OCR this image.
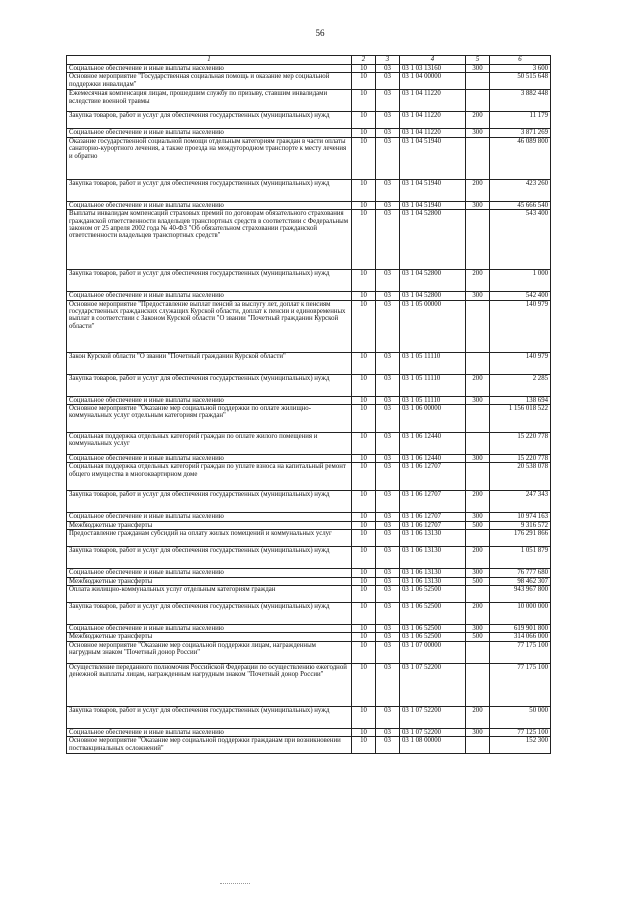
56
1	2	3	4	5	6
Социальное обеспечение и иные выплаты населению	10	03	03 1 03 13160	300	3 600
Основное мероприятие "Государственная социальная помощь и оказание мер социальной поддержки инвалидам"	10	03	03 1 04 00000		50 515 648
Ежемесячная компенсация лицам, прошедшим службу по призыву, ставшим инвалидами вследствие военной травмы	10	03	03 1 04 11220		3 882 448
Закупка товаров, работ и услуг для обеспечения государственных (муниципальных) нужд	10	03	03 1 04 11220	200	11 179
Социальное обеспечение и иные выплаты населению	10	03	03 1 04 11220	300	3 871 269
Оказание государственной социальной помощи отдельным категориям граждан в части оплаты санаторно-курортного лечения, а также проезда на междугородном транспорте к месту лечения и обратно	10	03	03 1 04 51940		46 089 800
Закупка товаров, работ и услуг для обеспечения государственных (муниципальных) нужд	10	03	03 1 04 51940	200	423 260
Социальное обеспечение и иные выплаты населению	10	03	03 1 04 51940	300	45 666 540
Выплаты инвалидам компенсаций страховых премий по договорам обязательного страхования гражданской ответственности владельцев транспортных средств в соответствии с Федеральным законом от 25 апреля 2002 года № 40-ФЗ "Об обязательном страховании гражданской ответственности владельцев транспортных средств"	10	03	03 1 04 52800		543 400
Закупка товаров, работ и услуг для обеспечения государственных (муниципальных) нужд	10	03	03 1 04 52800	200	1 000
Социальное обеспечение и иные выплаты населению	10	03	03 1 04 52800	300	542 400
Основное мероприятие "Предоставление выплат пенсий за выслугу лет, доплат к пенсиям государственных гражданских служащих Курской области, доплат к пенсии и единовременных выплат в соответствии с Законом Курской области "О звании "Почетный гражданин Курской области"	10	03	03 1 05 00000		140 979
Закон Курской области "О звании "Почетный гражданин Курской области"	10	03	03 1 05 11110		140 979
Закупка товаров, работ и услуг для обеспечения государственных (муниципальных) нужд	10	03	03 1 05 11110	200	2 285
Социальное обеспечение и иные выплаты населению	10	03	03 1 05 11110	300	138 694
Основное мероприятие "Оказание мер социальной поддержки по оплате жилищно-коммунальных услуг отдельным категориям граждан"	10	03	03 1 06 00000		1 156 018 522
Социальная поддержка отдельных категорий граждан по оплате жилого помещения и коммунальных услуг	10	03	03 1 06 12440		15 220 778
Социальное обеспечение и иные выплаты населению	10	03	03 1 06 12440	300	15 220 778
Социальная поддержка отдельных категорий граждан по уплате взноса на капитальный ремонт общего имущества в многоквартирном доме	10	03	03 1 06 12707		20 538 078
Закупка товаров, работ и услуг для обеспечения государственных (муниципальных) нужд	10	03	03 1 06 12707	200	247 343
Социальное обеспечение и иные выплаты населению	10	03	03 1 06 12707	300	10 974 163
Межбюджетные трансферты	10	03	03 1 06 12707	500	9 316 572
Предоставление гражданам субсидий на оплату жилых помещений и коммунальных услуг	10	03	03 1 06 13130		176 291 866
Закупка товаров, работ и услуг для обеспечения государственных (муниципальных) нужд	10	03	03 1 06 13130	200	1 051 879
Социальное обеспечение и иные выплаты населению	10	03	03 1 06 13130	300	76 777 680
Межбюджетные трансферты	10	03	03 1 06 13130	500	98 462 307
Оплата жилищно-коммунальных услуг отдельным категориям граждан	10	03	03 1 06 52500		943 967 800
Закупка товаров, работ и услуг для обеспечения государственных (муниципальных) нужд	10	03	03 1 06 52500	200	10 000 000
Социальное обеспечение и иные выплаты населению	10	03	03 1 06 52500	300	619 901 800
Межбюджетные трансферты	10	03	03 1 06 52500	500	314 066 000
Основное мероприятие "Оказание мер социальной поддержки лицам, награжденным нагрудным знаком "Почетный донор России"	10	03	03 1 07 00000		77 175 100
Осуществление переданного полномочия Российской Федерации по осуществлению ежегодной денежной выплаты лицам, награжденным нагрудным знаком "Почетный донор России"	10	03	03 1 07 52200		77 175 100
Закупка товаров, работ и услуг для обеспечения государственных (муниципальных) нужд	10	03	03 1 07 52200	200	50 000
Социальное обеспечение и иные выплаты населению	10	03	03 1 07 52200	300	77 125 100
Основное мероприятие "Оказание мер социальной поддержки гражданам при возникновении поствакцинальных осложнений"	10	03	03 1 08 00000		152 300
